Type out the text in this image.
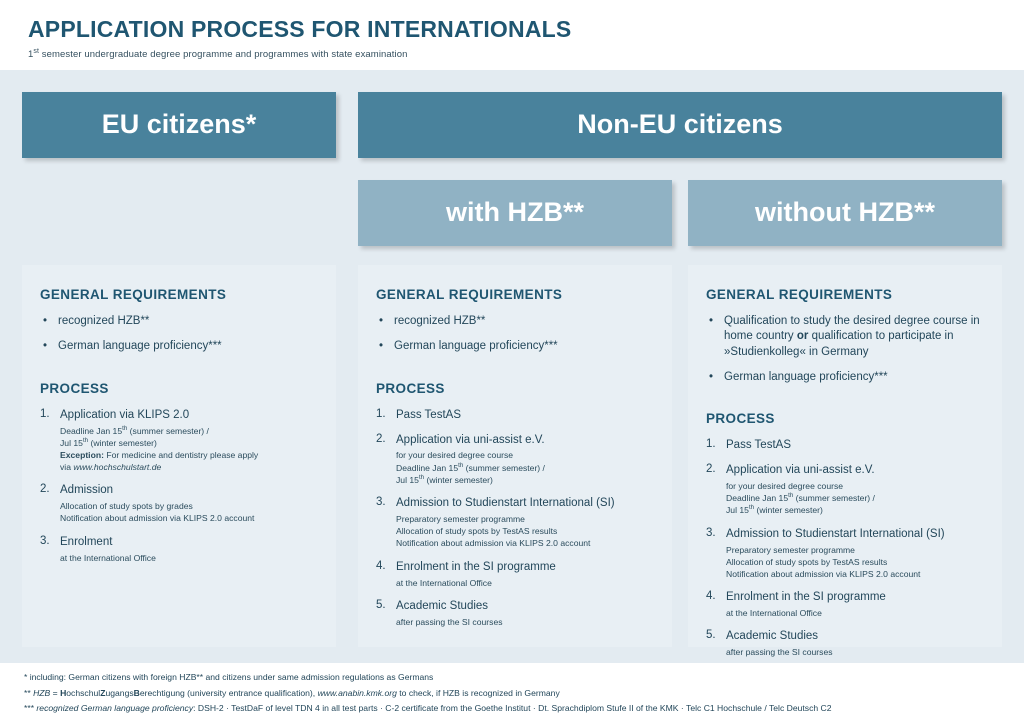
APPLICATION PROCESS FOR INTERNATIONALS
1st semester undergraduate degree programme and programmes with state examination
EU citizens*	Non-EU citizens
with HZB**	without HZB**
GENERAL REQUIREMENTS
• recognized HZB**
• German language proficiency***
PROCESS
Application via KLIPS 2.0
Deadline Jan 15th (summer semester) /
Jul 15th (winter semester)
Exception: For medicine and dentistry please apply
via www.hochschulstart.de
Admission
Allocation of study spots by grades
Notification about admission via KLIPS 2.0 account
Enrolment
at the International Office
GENERAL REQUIREMENTS
• recognized HZB**
• German language proficiency***
PROCESS
Pass TestAS
Application via uni-assist e.V.
for your desired degree course
Deadline Jan 15th (summer semester) /
Jul 15th (winter semester)
Admission to Studienstart International (SI)
Preparatory semester programme
Allocation of study spots by TestAS results
Notification about admission via KLIPS 2.0 account
Enrolment in the SI programme
at the International Office
Academic Studies
after passing the SI courses
GENERAL REQUIREMENTS
• Qualification to study the desired degree course in home country or qualification to participate in »Studienkolleg« in Germany
• German language proficiency***
PROCESS
Pass TestAS
Application via uni-assist e.V.
for your desired degree course
Deadline Jan 15th (summer semester) /
Jul 15th (winter semester)
Admission to Studienstart International (SI)
Preparatory semester programme
Allocation of study spots by TestAS results
Notification about admission via KLIPS 2.0 account
Enrolment in the SI programme
at the International Office
Academic Studies
after passing the SI courses

* including: German citizens with foreign HZB** and citizens under same admission regulations as Germans

** HZB = HochschulZugangsBerechtigung (university entrance qualification), www.anabin.kmk.org to check, if HZB is recognized in Germany

*** recognized German language proficiency: DSH-2 · TestDaF of level TDN 4 in all test parts · C-2 certificate from the Goethe Institut · Dt. Sprachdiplom Stufe II of the KMK · Telc C1 Hochschule / Telc Deutsch C2
